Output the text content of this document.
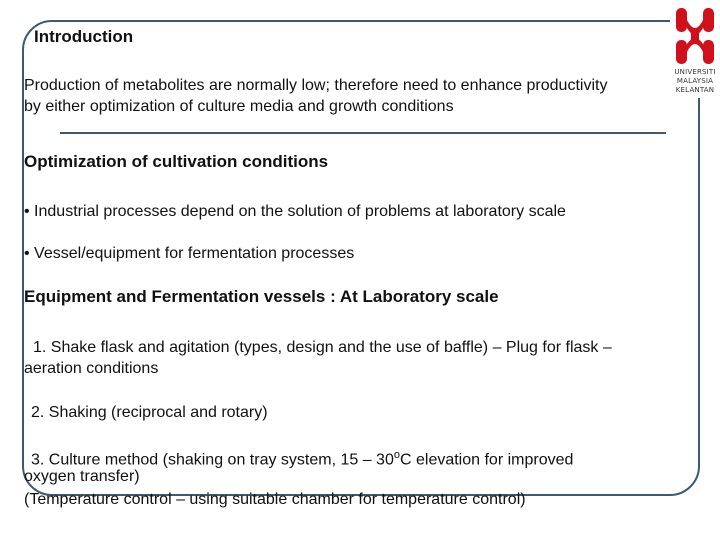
Introduction
Production of metabolites are normally low; therefore need to enhance productivity
by either optimization of culture media and growth conditions
Optimization of cultivation conditions
• Industrial processes depend on the solution of problems at laboratory scale
• Vessel/equipment for fermentation processes
Equipment and Fermentation vessels : At Laboratory scale
1. Shake flask and agitation (types, design and the use of baffle) – Plug for flask –
aeration conditions
2. Shaking (reciprocal and rotary)
3. Culture method (shaking on tray system, 15 – 30$^o$C elevation for improved
oxygen transfer)
(Temperature control – using suitable chamber for temperature control)
UNIVERSITI
MALAYSIA
KELANTAN
